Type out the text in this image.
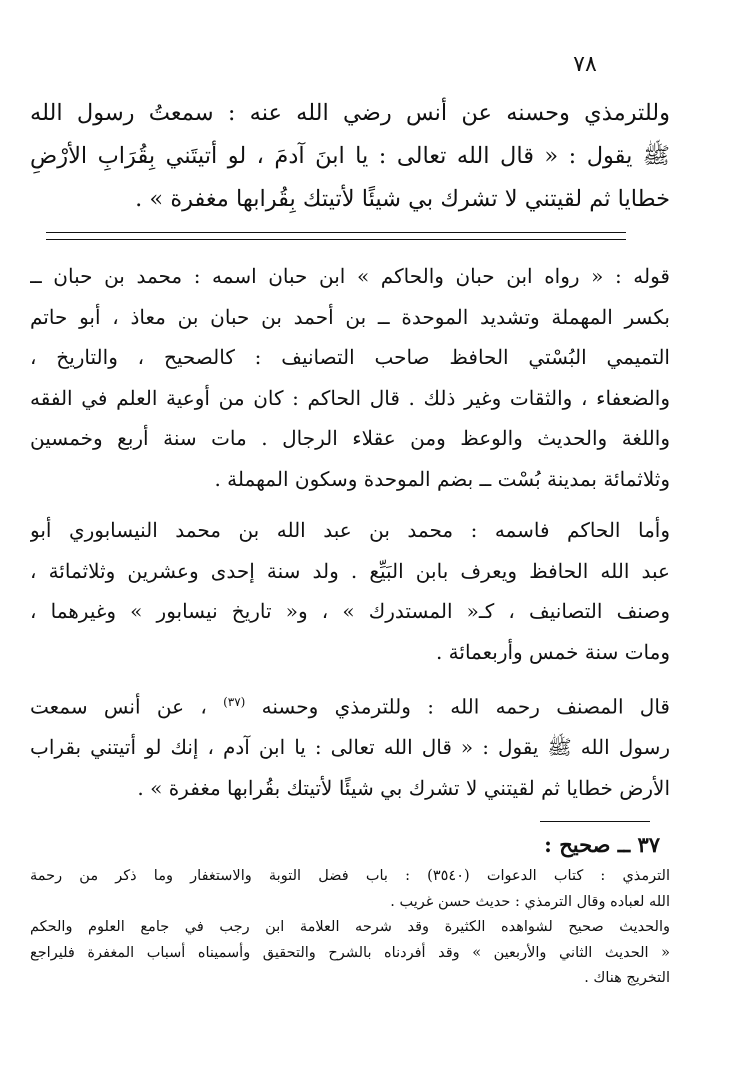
٧٨
وللترمذي وحسنه عن أنس رضي الله عنه : سمعتُ رسول الله
ﷺ يقول : « قال الله تعالى : يا ابنَ آدمَ ، لو أتيتَني بِقُرَابِ الأرْضِ
خطايا ثم لقيتني لا تشرك بي شيئًا لأتيتك بِقُرابها مغفرة » .
قوله : « رواه ابن حبان والحاكم » ابن حبان اسمه : محمد بن حبان ــ
بكسر المهملة وتشديد الموحدة ــ بن أحمد بن حبان بن معاذ ، أبو حاتم
التميمي البُسْتي الحافظ صاحب التصانيف : كالصحيح ، والتاريخ ،
والضعفاء ، والثقات وغير ذلك . قال الحاكم : كان من أوعية العلم في الفقه
واللغة والحديث والوعظ ومن عقلاء الرجال . مات سنة أربع وخمسين
وثلاثمائة بمدينة بُسْت ــ بضم الموحدة وسكون المهملة .
وأما الحاكم فاسمه : محمد بن عبد الله بن محمد النيسابوري أبو
عبد الله الحافظ ويعرف بابن البَيِّع . ولد سنة إحدى وعشرين وثلاثمائة ،
وصنف التصانيف ، كـ« المستدرك » ، و« تاريخ نيسابور » وغيرهما ،
ومات سنة خمس وأربعمائة .
قال المصنف رحمه الله : وللترمذي وحسنه $^{(٣٧)}$ ، عن أنس سمعت
رسول الله ﷺ يقول : « قال الله تعالى : يا ابن آدم ، إنك لو أتيتني بقراب
الأرض خطايا ثم لقيتني لا تشرك بي شيئًا لأتيتك بقُرابها مغفرة » .
٣٧ ــ صحيح :
الترمذي : كتاب الدعوات (٣٥٤٠) : باب فضل التوبة والاستغفار وما ذكر من رحمة
الله لعباده وقال الترمذي : حديث حسن غريب .
والحديث صحيح لشواهده الكثيرة وقد شرحه العلامة ابن رجب في جامع العلوم والحكم
« الحديث الثاني والأربعين » وقد أفردناه بالشرح والتحقيق وأسميناه أسباب المغفرة فليراجع
التخريج هناك .
